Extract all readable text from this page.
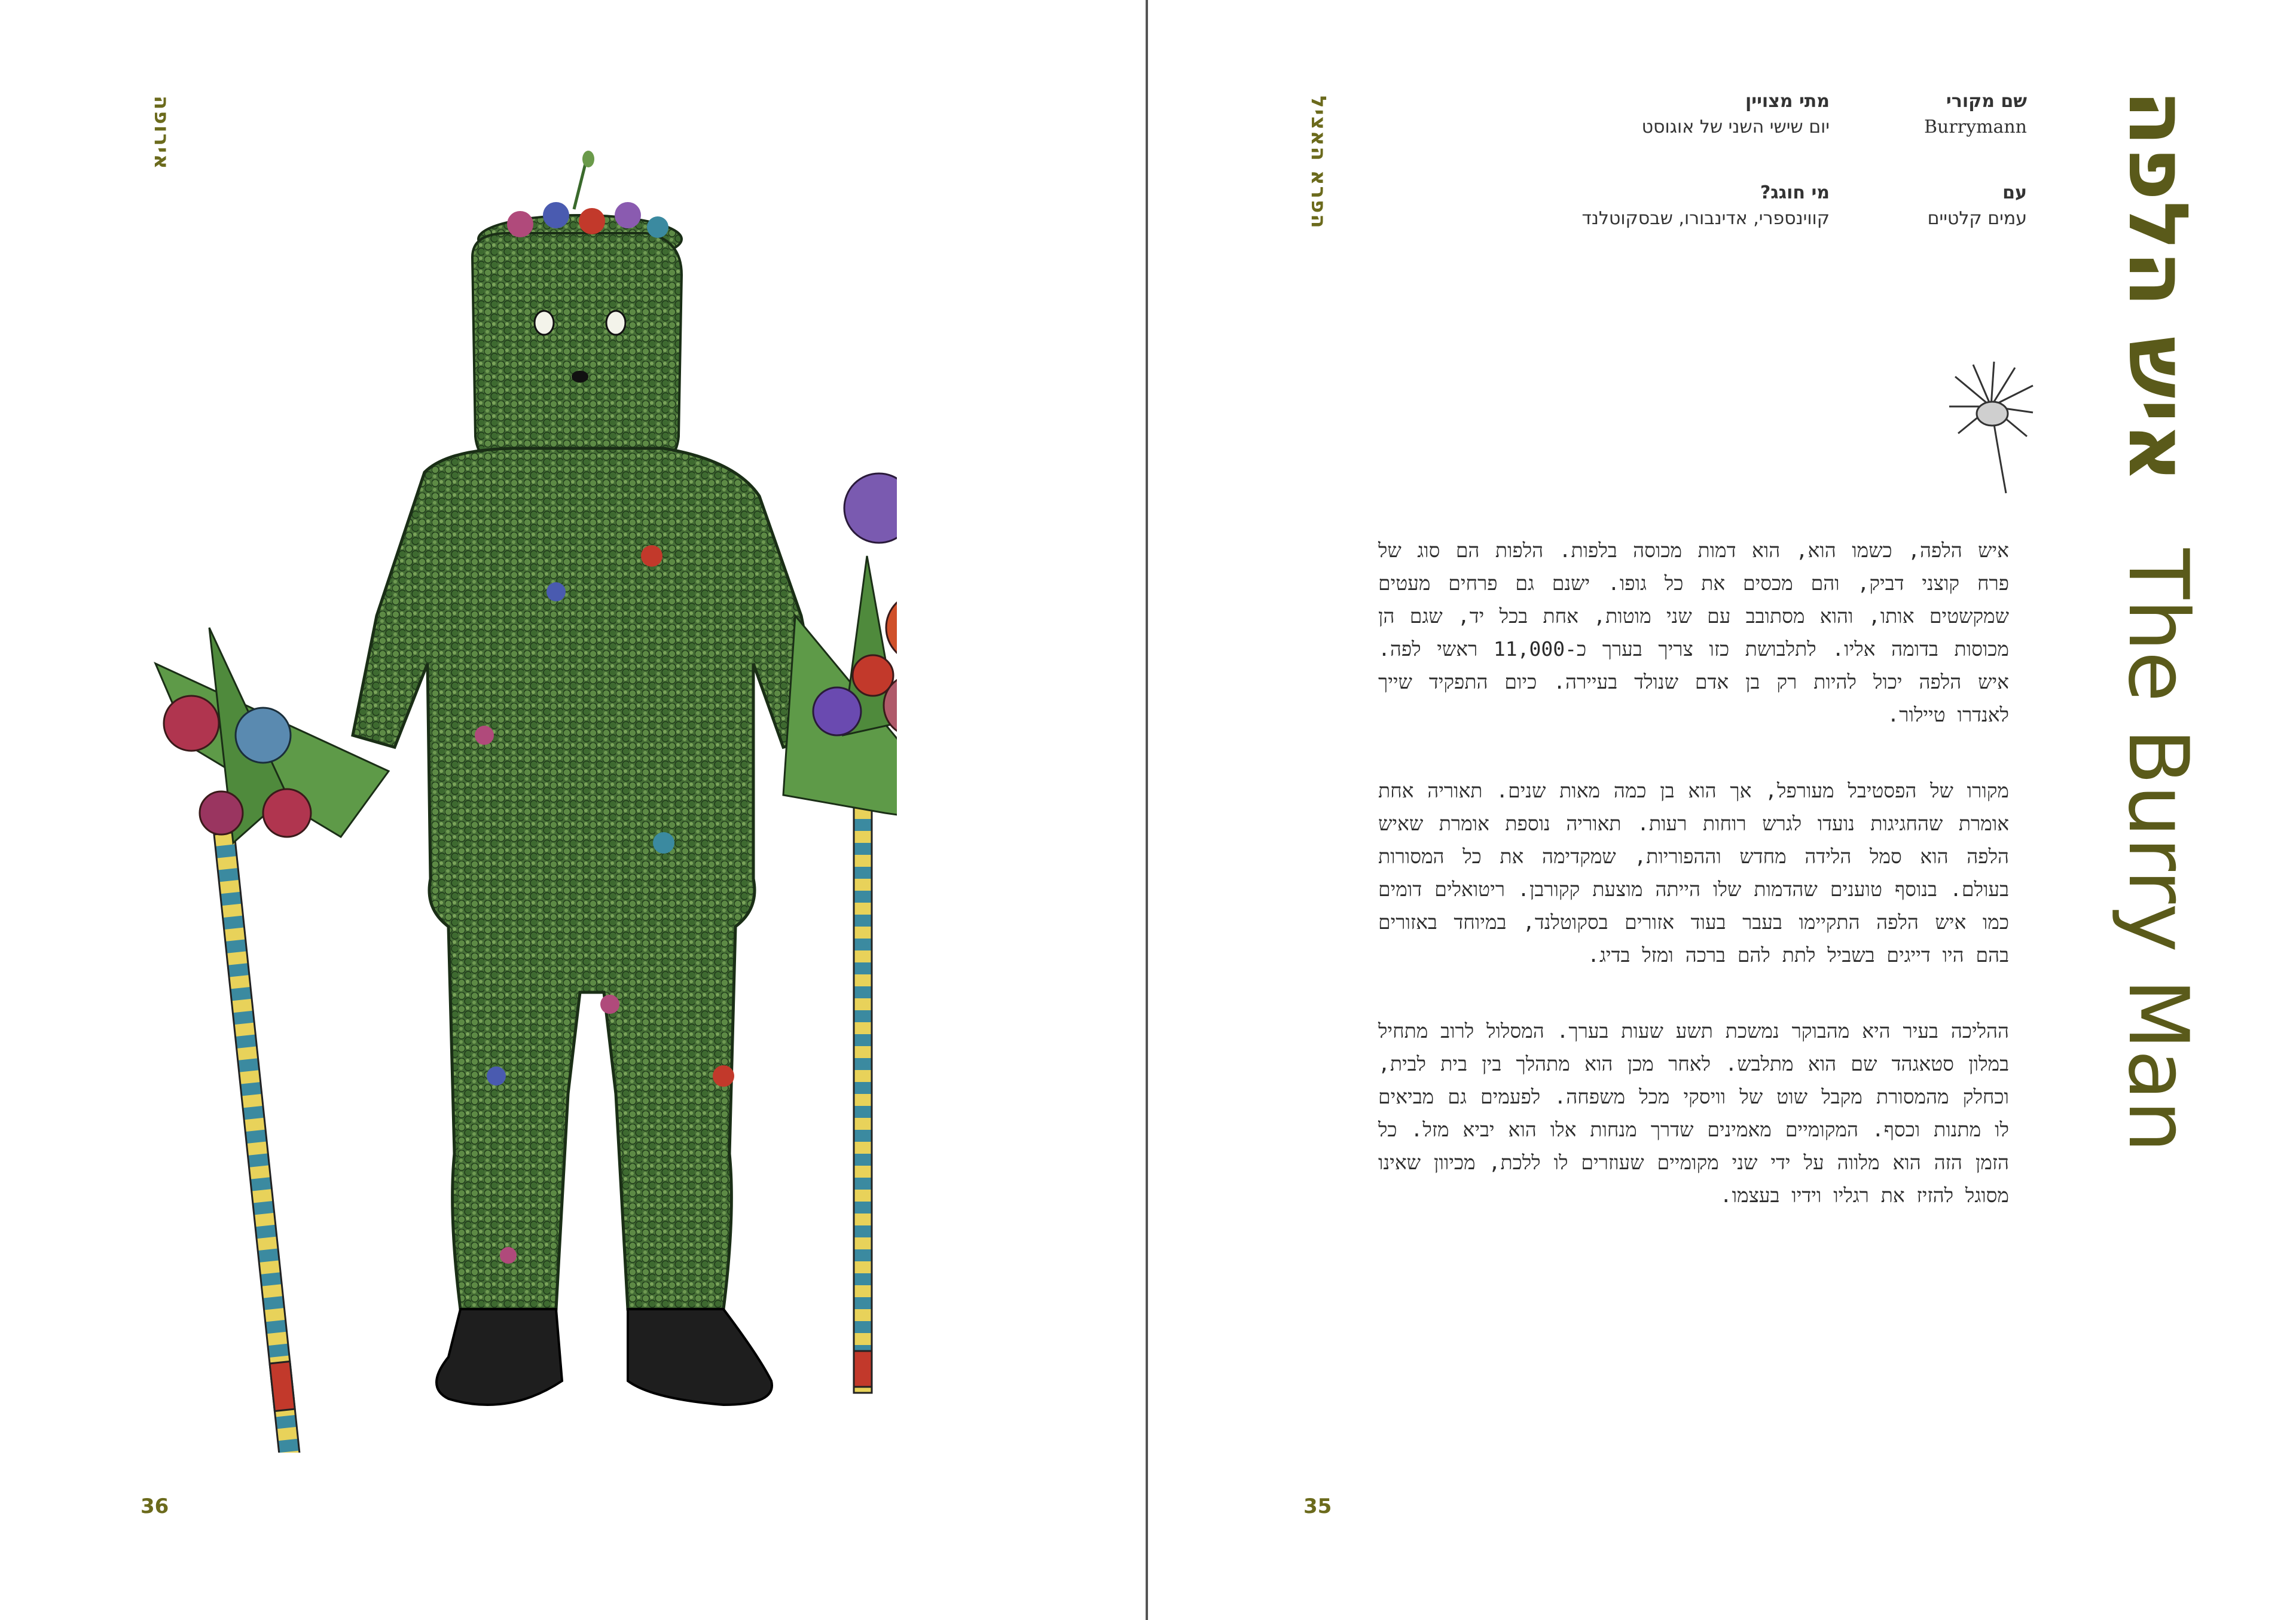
אירופה
36
הפרא האציל	איש הלפהThe Burry Man
שם מקורי
Burrymann
מתי מצויין
יום שישי השני של אוגוסט
עם
עמים קלטיים
מי חוגג?
קווינספרי, אדינבורו, שבסקוטלנד

איש הלפה, כשמו הוא, הוא דמות מכוסה בלפות. הלפות הם סוג של פרח קוצני דביק, והם מכסים את כל גופו. ישנם גם פרחים מעטים שמקשטים אותו, והוא מסתובב עם שני מוטות, אחת בכל יד, שגם הן מכוסות בדומה אליו. לתלבושת כזו צריך בערך כ-11,000 ראשי לפה. איש הלפה יכול להיות רק בן אדם שנולד בעיירה. כיום התפקיד שייך לאנדרו טיילור.

מקורו של הפסטיבל מעורפל, אך הוא בן כמה מאות שנים. תאוריה אחת אומרת שהחגיגות נועדו לגרש רוחות רעות. תאוריה נוספת אומרת שאיש הלפה הוא סמל הלידה מחדש וההפוריות, שמקדימה את כל המסורות בעולם. בנוסף טוענים שהדמות שלו הייתה מוצעת קקורבן. ריטואלים דומים כמו איש הלפה התקיימו בעבר בעוד אזורים בסקוטלנד, במיוחד באזורים בהם היו דייגים בשביל לתת להם ברכה ומזל בדיג.

ההליכה בעיר היא מהבוקר נמשכת תשע שעות בערך. המסלול לרוב מתחיל במלון סטאגהד שם הוא מתלבש. לאחר מכן הוא מתהלך בין בית לבית, וכחלק מהמסורת מקבל שוט של וויסקי מכל משפחה. לפעמים גם מביאים לו מתנות וכסף. המקומיים מאמינים שדרך מנחות אלו הוא יביא מזל. כל הזמן הזה הוא מלווה על ידי שני מקומיים שעוזרים לו ללכת, מכיוון שאינו מסוגל להזיז את רגליו וידיו בעצמו.

35
